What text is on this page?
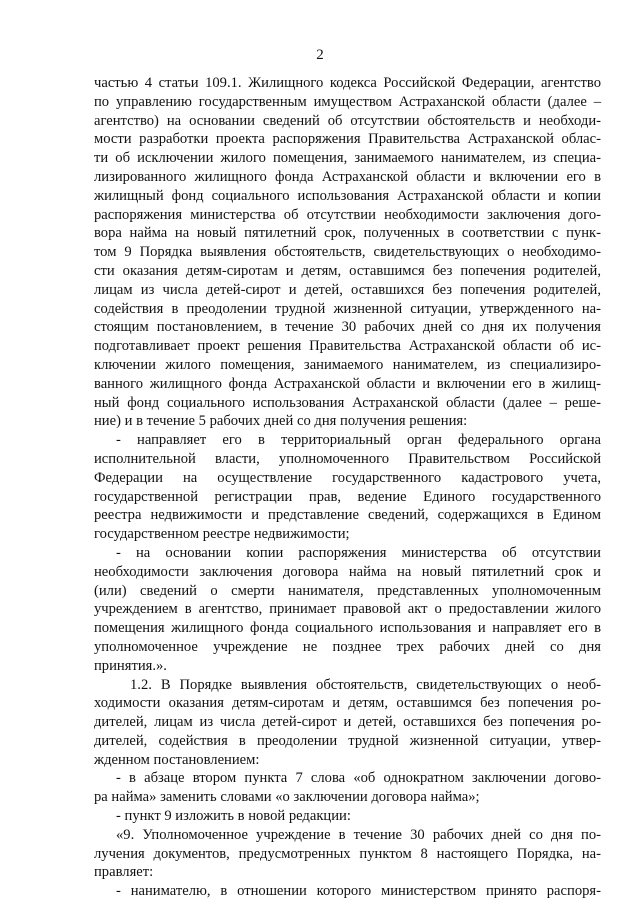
2
частью 4 статьи 109.1. Жилищного кодекса Российской Федерации, агентство
по управлению государственным имуществом Астраханской области (далее –
агентство) на основании сведений об отсутствии обстоятельств и необходи-
мости разработки проекта распоряжения Правительства Астраханской облас-
ти об исключении жилого помещения, занимаемого нанимателем, из специа-
лизированного жилищного фонда Астраханской области и включении его в
жилищный фонд социального использования Астраханской области и копии
распоряжения министерства об отсутствии необходимости заключения дого-
вора найма на новый пятилетний срок, полученных в соответствии с пунк-
том 9 Порядка выявления обстоятельств, свидетельствующих о необходимо-
сти оказания детям-сиротам и детям, оставшимся без попечения родителей,
лицам из числа детей-сирот и детей, оставшихся без попечения родителей,
содействия в преодолении трудной жизненной ситуации, утвержденного на-
стоящим постановлением, в течение 30 рабочих дней со дня их получения
подготавливает проект решения Правительства Астраханской области об ис-
ключении жилого помещения, занимаемого нанимателем, из специализиро-
ванного жилищного фонда Астраханской области и включении его в жилищ-
ный фонд социального использования Астраханской области (далее – реше-
ние) и в течение 5 рабочих дней со дня получения решения:
- направляет его в территориальный орган федерального органа
исполнительной власти, уполномоченного Правительством Российской
Федерации на осуществление государственного кадастрового учета,
государственной регистрации прав, ведение Единого государственного
реестра недвижимости и представление сведений, содержащихся в Едином
государственном реестре недвижимости;
- на основании копии распоряжения министерства об отсутствии
необходимости заключения договора найма на новый пятилетний срок и
(или) сведений о смерти нанимателя, представленных уполномоченным
учреждением в агентство, принимает правовой акт о предоставлении жилого
помещения жилищного фонда социального использования и направляет его в
уполномоченное учреждение не позднее трех рабочих дней со дня
принятия.».
1.2. В Порядке выявления обстоятельств, свидетельствующих о необ-
ходимости оказания детям-сиротам и детям, оставшимся без попечения ро-
дителей, лицам из числа детей-сирот и детей, оставшихся без попечения ро-
дителей, содействия в преодолении трудной жизненной ситуации, утвер-
жденном постановлением:
- в абзаце втором пункта 7 слова «об однократном заключении догово-
ра найма» заменить словами «о заключении договора найма»;
- пункт 9 изложить в новой редакции:
«9. Уполномоченное учреждение в течение 30 рабочих дней со дня по-
лучения документов, предусмотренных пунктом 8 настоящего Порядка, на-
правляет:
- нанимателю, в отношении которого министерством принято распоря-
